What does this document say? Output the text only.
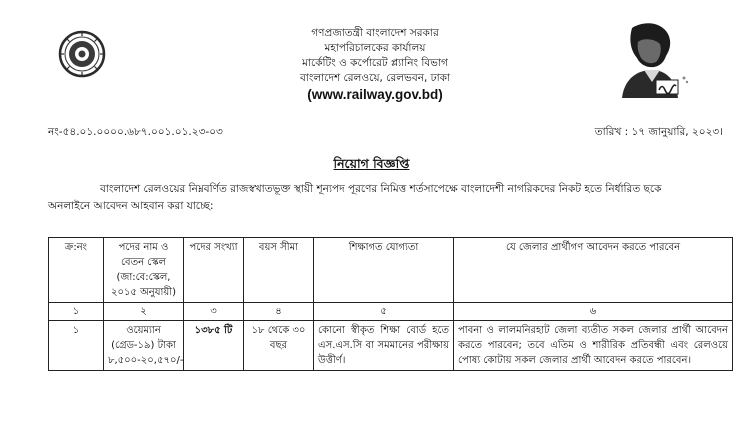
গণপ্রজাতন্ত্রী বাংলাদেশ সরকার
মহাপরিচালকের কার্যালয়
মার্কেটিং ও কর্পোরেট প্ল্যানিং বিভাগ
বাংলাদেশ রেলওয়ে, রেলভবন, ঢাকা
(www.railway.gov.bd)
নং-৫৪.০১.০০০০.৬৮৭.০০১.০১.২৩-০৩	তারিখ : ১৭ জানুয়ারি, ২০২৩।
নিয়োগ বিজ্ঞপ্তি
বাংলাদেশ রেলওয়ের নিম্নবর্ণিত রাজস্বখাতভূক্ত স্থায়ী শূন্যপদ পূরণের নিমিত্ত শর্তসাপেক্ষে বাংলাদেশী নাগরিকদের নিকট হতে নির্ধারিত ছকে
অনলাইনে আবেদন আহবান করা যাচ্ছে:
ক্র:নং	পদের নাম ও বেতন স্কেল (জা:বে:স্কেল, ২০১৫ অনুযায়ী)	পদের সংখ্যা	বয়স সীমা	শিক্ষাগত যোগ্যতা	যে জেলার প্রার্থীগণ আবেদন করতে পারবেন
১	২	৩	৪	৫	৬
১	ওয়েম্যান (গ্রেড-১৯) টাকা ৮,৫০০-২০,৫৭০/-	১৩৮৫ টি	১৮ থেকে ৩০ বছর	কোনো স্বীকৃত শিক্ষা বোর্ড হতে এস.এস.সি বা সমমানের পরীক্ষায় উত্তীর্ণ।	পাবনা ও লালমনিরহাট জেলা ব্যতীত সকল জেলার প্রার্থী আবেদন করতে পারবেন; তবে এতিম ও শারীরিক প্রতিবন্ধী এবং রেলওয়ে পোষ্য কোটায় সকল জেলার প্রার্থী আবেদন করতে পারবেন।
